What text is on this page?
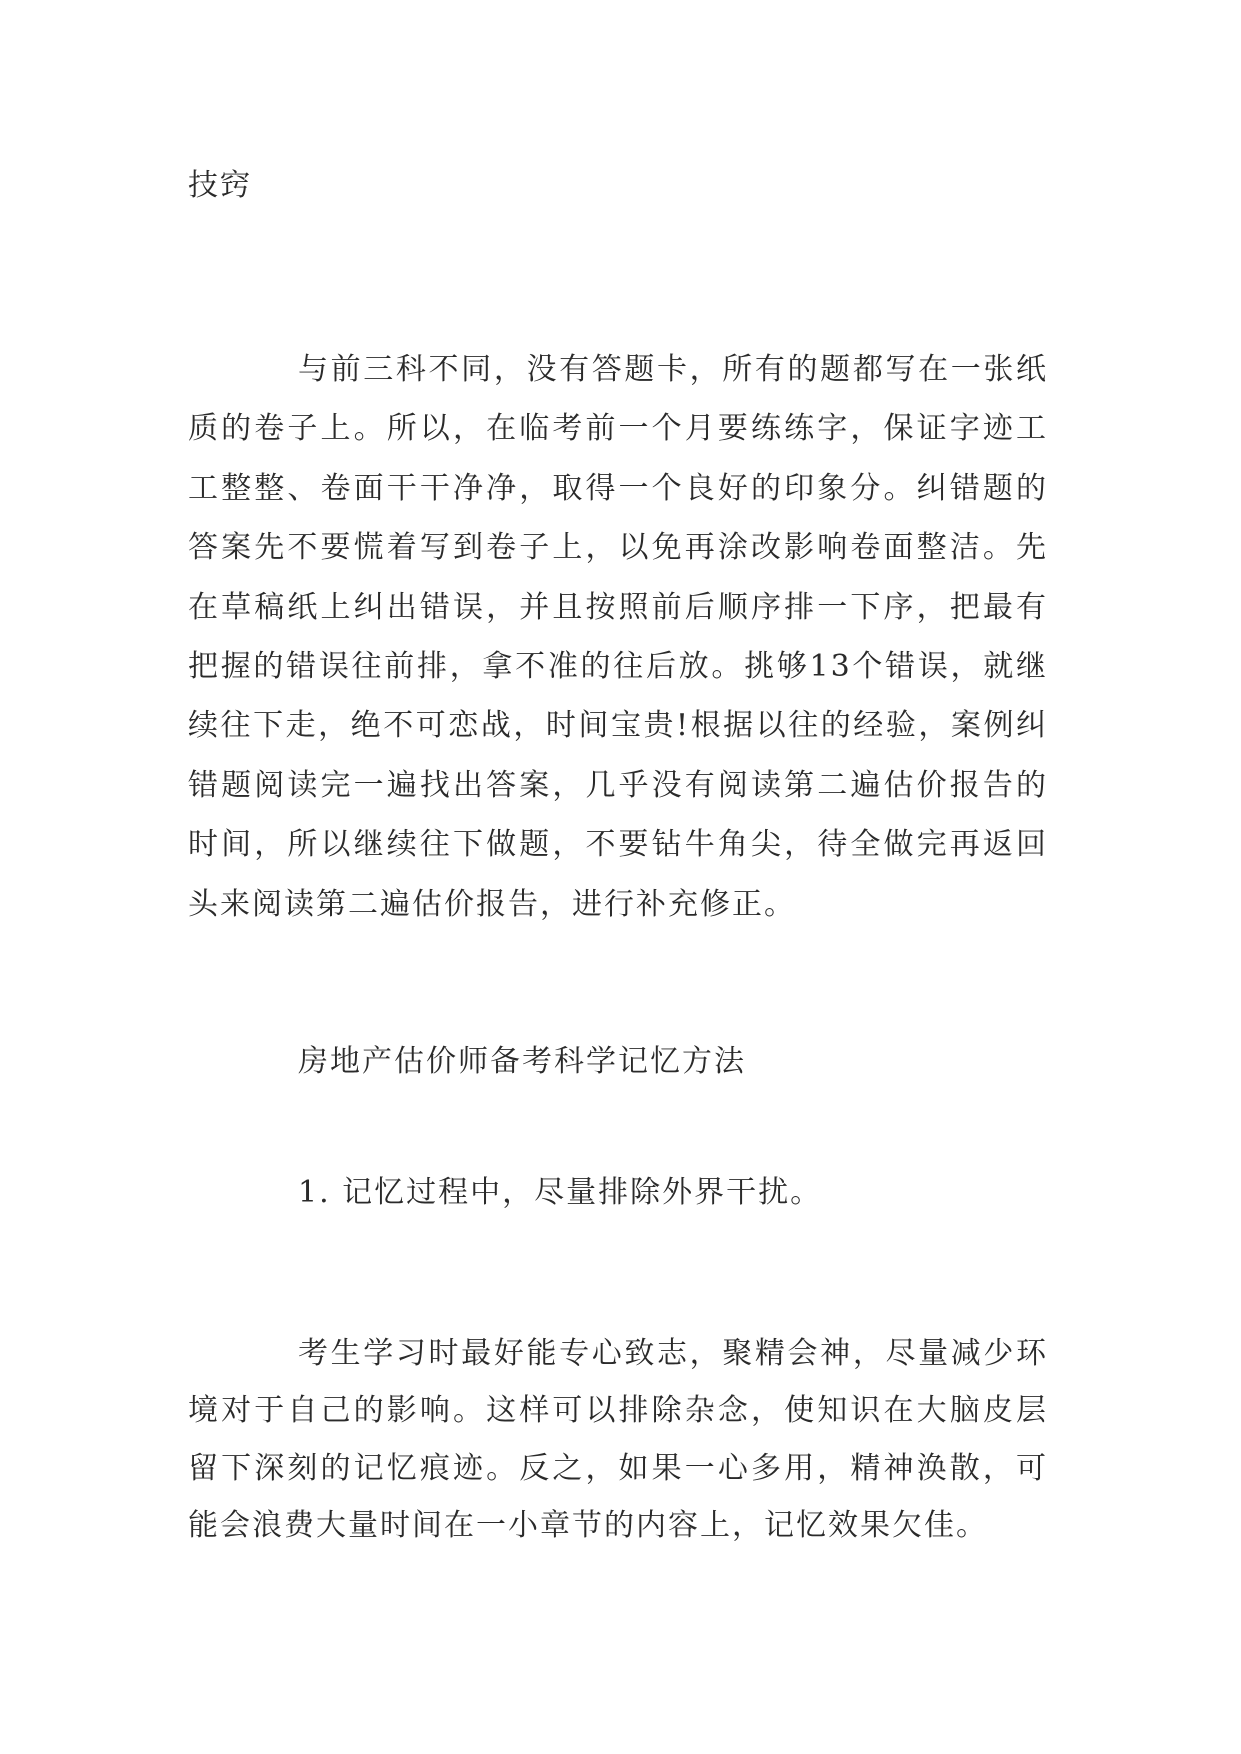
技窍

与前三科不同，没有答题卡，所有的题都写在一张纸质的卷子上。所以，在临考前一个月要练练字，保证字迹工工整整、卷面干干净净，取得一个良好的印象分。纠错题的答案先不要慌着写到卷子上，以免再涂改影响卷面整洁。先在草稿纸上纠出错误，并且按照前后顺序排一下序，把最有把握的错误往前排，拿不准的往后放。挑够13个错误，就继续往下走，绝不可恋战，时间宝贵!根据以往的经验，案例纠错题阅读完一遍找出答案，几乎没有阅读第二遍估价报告的时间，所以继续往下做题，不要钻牛角尖，待全做完再返回头来阅读第二遍估价报告，进行补充修正。

房地产估价师备考科学记忆方法
1. 记忆过程中，尽量排除外界干扰。

考生学习时最好能专心致志，聚精会神，尽量减少环境对于自己的影响。这样可以排除杂念，使知识在大脑皮层留下深刻的记忆痕迹。反之，如果一心多用，精神涣散，可能会浪费大量时间在一小章节的内容上，记忆效果欠佳。
